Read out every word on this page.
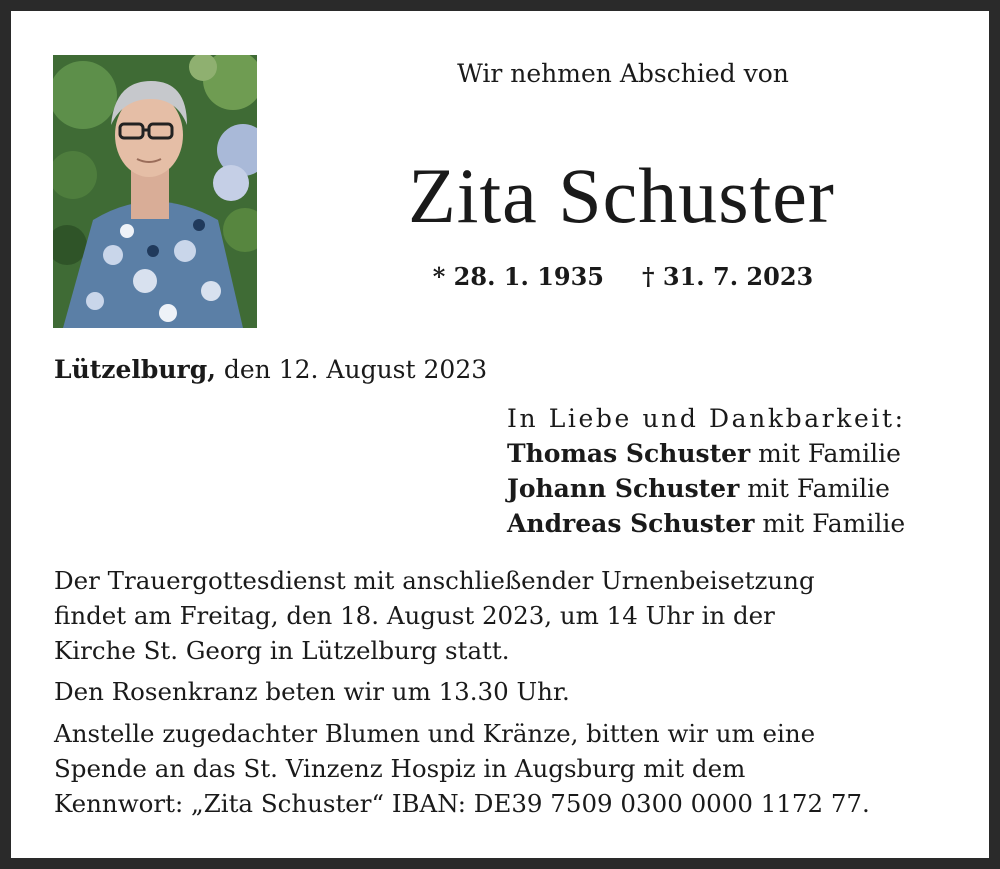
Wir nehmen Abschied von

Zita Schuster

* 28. 1. 1935 † 31. 7. 2023

Lützelburg, den 12. August 2023

In Liebe und Dankbarkeit:
Thomas Schuster mit Familie
Johann Schuster mit Familie
Andreas Schuster mit Familie

Der Trauergottesdienst mit anschließender Urnenbeisetzung

findet am Freitag, den 18. August 2023, um 14 Uhr in der

Kirche St. Georg in Lützelburg statt.

Den Rosenkranz beten wir um 13.30 Uhr.

Anstelle zugedachter Blumen und Kränze, bitten wir um eine

Spende an das St. Vinzenz Hospiz in Augsburg mit dem

Kennwort: „Zita Schuster“ IBAN: DE39 7509 0300 0000 1172 77.
